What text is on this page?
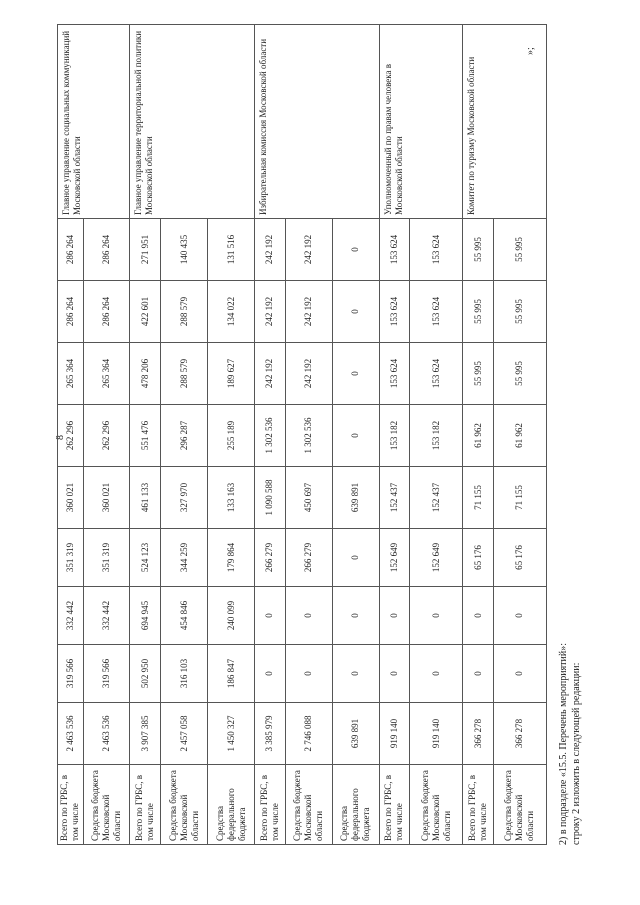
8
Всего по ГРБС, в том числе	2 463 536	319 566	332 442	351 319	360 021	262 296	265 364	286 264	286 264	Главное управление социальных коммуникаций Московской области
Средства бюджета Московской области	2 463 536	319 566	332 442	351 319	360 021	262 296	265 364	286 264	286 264	
Всего по ГРБС, в том числе	3 907 385	502 950	694 945	524 123	461 133	551 476	478 206	422 601	271 951	Главное управление территориальной политики Московской области
Средства бюджета Московской области	2 457 058	316 103	454 846	344 259	327 970	296 287	288 579	288 579	140 435	
Средства федерального бюджета	1 450 327	186 847	240 099	179 864	133 163	255 189	189 627	134 022	131 516	
Всего по ГРБС, в том числе	3 385 979	0	0	266 279	1 090 588	1 302 536	242 192	242 192	242 192	Избирательная комиссия Московской области
Средства бюджета Московской области	2 746 088	0	0	266 279	450 697	1 302 536	242 192	242 192	242 192	
Средства федерального бюджета	639 891	0	0	0	639 891	0	0	0	0	
Всего по ГРБС, в том числе	919 140	0	0	152 649	152 437	153 182	153 624	153 624	153 624	Уполномоченный по правам человека в Московской области
Средства бюджета Московской области	919 140	0	0	152 649	152 437	153 182	153 624	153 624	153 624	
Всего по ГРБС, в том числе	366 278	0	0	65 176	71 155	61 962	55 995	55 995	55 995	Комитет по туризму Московской области
Средства бюджета Московской области	366 278	0	0	65 176	71 155	61 962	55 995	55 995	55 995	
2) в подразделе «15.5. Перечень мероприятий»: строку 2 изложить в следующей редакции:
»;
